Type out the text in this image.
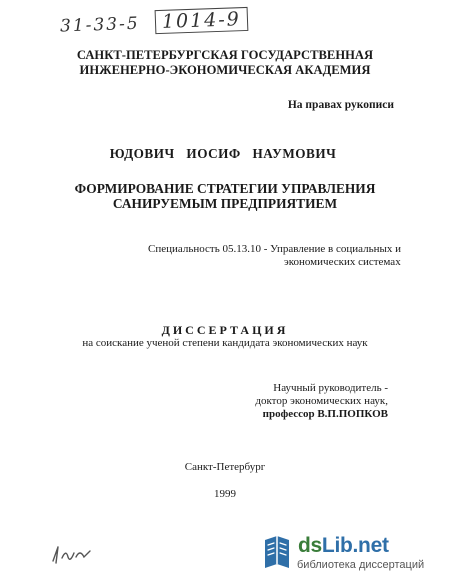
31-33-5 1014-9
САНКТ-ПЕТЕРБУРГСКАЯ ГОСУДАРСТВЕННАЯ
ИНЖЕНЕРНО-ЭКОНОМИЧЕСКАЯ АКАДЕМИЯ
На правах рукописи
ЮДОВИЧ ИОСИФ НАУМОВИЧ
ФОРМИРОВАНИЕ СТРАТЕГИИ УПРАВЛЕНИЯ
САНИРУЕМЫМ ПРЕДПРИЯТИЕМ
Специальность 05.13.10 - Управление в социальных и
экономических системах
ДИССЕРТАЦИЯ
на соискание ученой степени кандидата экономических наук
Научный руководитель -
доктор экономических наук,
профессор В.П.ПОПКОВ
Санкт-Петербург
1999
dsLib.net
библиотека диссертаций
